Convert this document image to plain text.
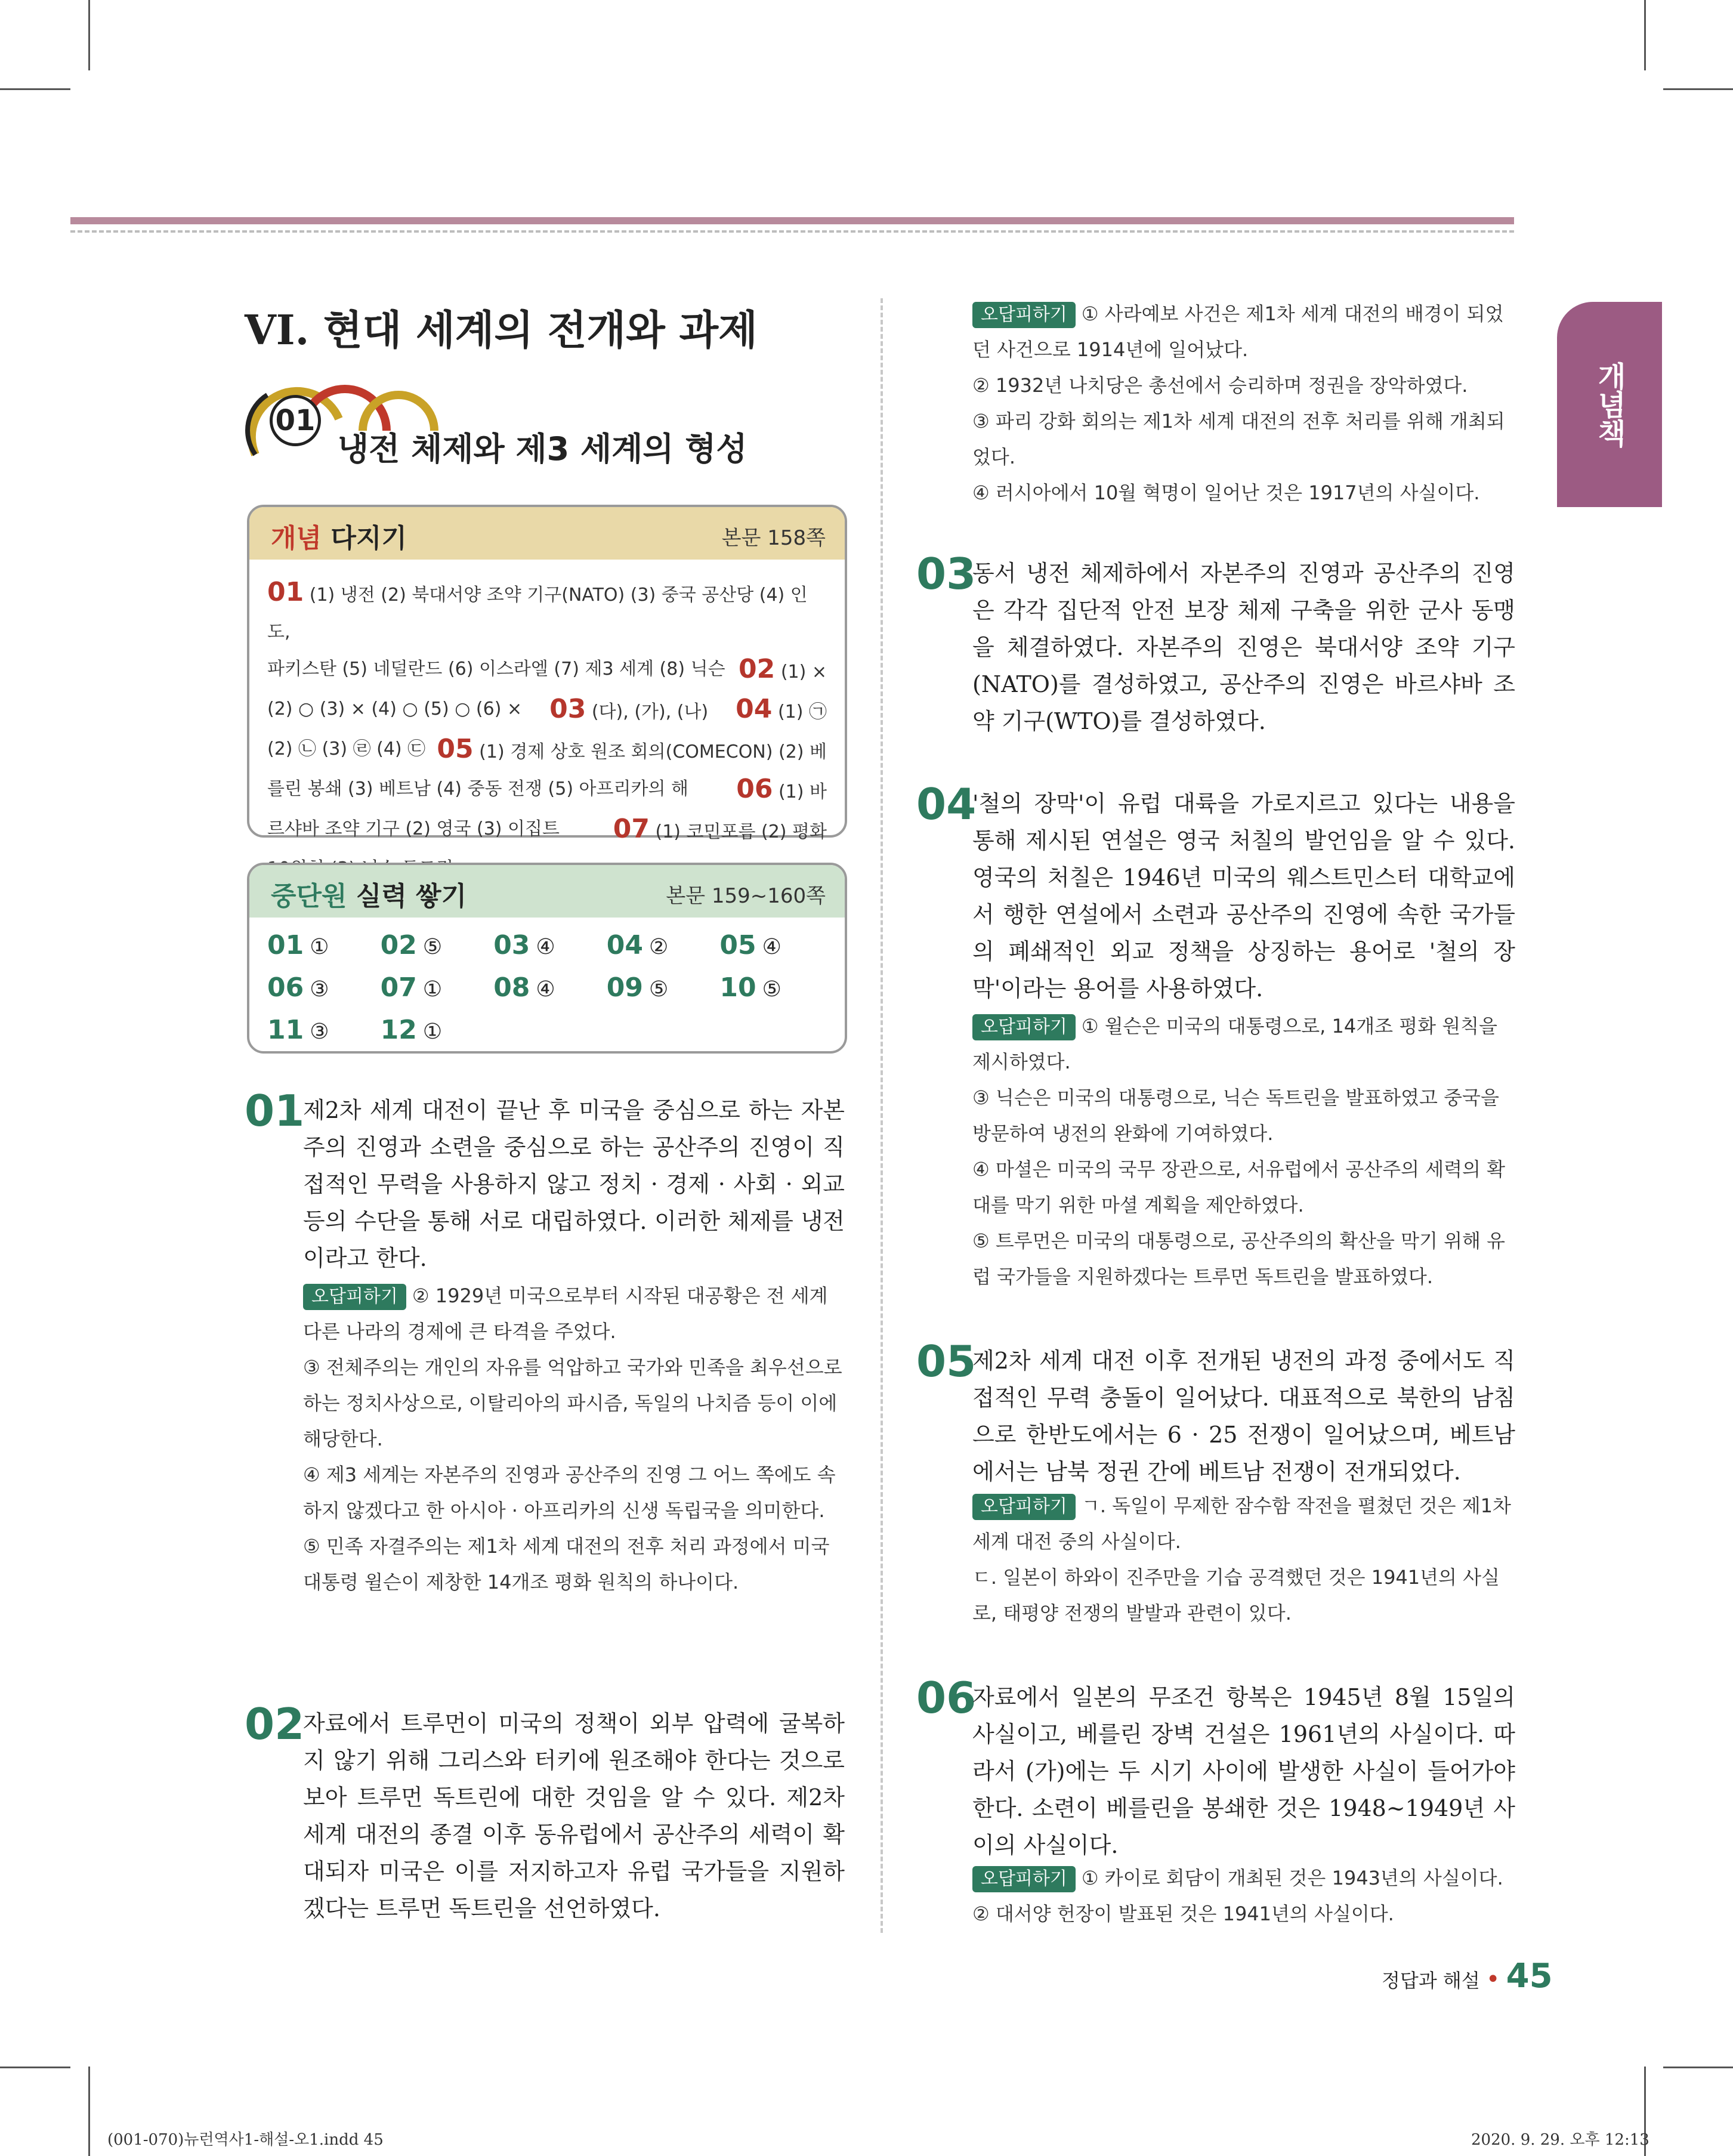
개념책
VI. 현대 세계의 전개와 과제
01
냉전 체제와 제3 세계의 형성
개념 다지기	본문 158쪽
01 (1) 냉전 (2) 북대서양 조약 기구(NATO) (3) 중국 공산당 (4) 인도,
파키스탄 (5) 네덜란드 (6) 이스라엘 (7) 제3 세계 (8) 닉슨 02 (1) ×
(2) ○ (3) × (4) ○ (5) ○ (6) × 03 (다), (가), (나) 04 (1) ㉠
(2) ㉡ (3) ㉣ (4) ㉢ 05 (1) 경제 상호 원조 회의(COMECON) (2) 베
를린 봉쇄 (3) 베트남 (4) 중동 전쟁 (5) 아프리카의 해 06 (1) 바
르샤바 조약 기구 (2) 영국 (3) 이집트 07 (1) 코민포름 (2) 평화
중단원 실력 쌓기	본문 159~160쪽
01 ①	02 ⑤	03 ④	04 ②	05 ④
06 ③	07 ①	08 ④	09 ⑤	10 ⑤
11 ③	12 ①
01
제2차 세계 대전이 끝난 후 미국을 중심으로 하는 자본주의 진영과 소련을 중심으로 하는 공산주의 진영이 직접적인 무력을 사용하지 않고 정치 · 경제 · 사회 · 외교 등의 수단을 통해 서로 대립하였다. 이러한 체제를 냉전이라고 한다.
오답피하기 ② 1929년 미국으로부터 시작된 대공황은 전 세계 다른 나라의 경제에 큰 타격을 주었다.
③ 전체주의는 개인의 자유를 억압하고 국가와 민족을 최우선으로 하는 정치사상으로, 이탈리아의 파시즘, 독일의 나치즘 등이 이에 해당한다.
④ 제3 세계는 자본주의 진영과 공산주의 진영 그 어느 쪽에도 속하지 않겠다고 한 아시아 · 아프리카의 신생 독립국을 의미한다.
⑤ 민족 자결주의는 제1차 세계 대전의 전후 처리 과정에서 미국 대통령 윌슨이 제창한 14개조 평화 원칙의 하나이다.
02
자료에서 트루먼이 미국의 정책이 외부 압력에 굴복하지 않기 위해 그리스와 터키에 원조해야 한다는 것으로 보아 트루먼 독트린에 대한 것임을 알 수 있다. 제2차 세계 대전의 종결 이후 동유럽에서 공산주의 세력이 확대되자 미국은 이를 저지하고자 유럽 국가들을 지원하겠다는 트루먼 독트린을 선언하였다.
오답피하기 ① 사라예보 사건은 제1차 세계 대전의 배경이 되었던 사건으로 1914년에 일어났다.
② 1932년 나치당은 총선에서 승리하며 정권을 장악하였다.
③ 파리 강화 회의는 제1차 세계 대전의 전후 처리를 위해 개최되었다.
④ 러시아에서 10월 혁명이 일어난 것은 1917년의 사실이다.
03
동서 냉전 체제하에서 자본주의 진영과 공산주의 진영은 각각 집단적 안전 보장 체제 구축을 위한 군사 동맹을 체결하였다. 자본주의 진영은 북대서양 조약 기구(NATO)를 결성하였고, 공산주의 진영은 바르샤바 조약 기구(WTO)를 결성하였다.
04
'철의 장막'이 유럽 대륙을 가로지르고 있다는 내용을 통해 제시된 연설은 영국 처칠의 발언임을 알 수 있다. 영국의 처칠은 1946년 미국의 웨스트민스터 대학교에서 행한 연설에서 소련과 공산주의 진영에 속한 국가들의 폐쇄적인 외교 정책을 상징하는 용어로 '철의 장막'이라는 용어를 사용하였다.
오답피하기 ① 윌슨은 미국의 대통령으로, 14개조 평화 원칙을 제시하였다.
③ 닉슨은 미국의 대통령으로, 닉슨 독트린을 발표하였고 중국을 방문하여 냉전의 완화에 기여하였다.
④ 마셜은 미국의 국무 장관으로, 서유럽에서 공산주의 세력의 확대를 막기 위한 마셜 계획을 제안하였다.
⑤ 트루먼은 미국의 대통령으로, 공산주의의 확산을 막기 위해 유럽 국가들을 지원하겠다는 트루먼 독트린을 발표하였다.
05
제2차 세계 대전 이후 전개된 냉전의 과정 중에서도 직접적인 무력 충돌이 일어났다. 대표적으로 북한의 남침으로 한반도에서는 6 · 25 전쟁이 일어났으며, 베트남에서는 남북 정권 간에 베트남 전쟁이 전개되었다.
오답피하기 ㄱ. 독일이 무제한 잠수함 작전을 펼쳤던 것은 제1차 세계 대전 중의 사실이다.
ㄷ. 일본이 하와이 진주만을 기습 공격했던 것은 1941년의 사실로, 태평양 전쟁의 발발과 관련이 있다.
06
자료에서 일본의 무조건 항복은 1945년 8월 15일의 사실이고, 베를린 장벽 건설은 1961년의 사실이다. 따라서 (가)에는 두 시기 사이에 발생한 사실이 들어가야 한다. 소련이 베를린을 봉쇄한 것은 1948~1949년 사이의 사실이다.
오답피하기 ① 카이로 회담이 개최된 것은 1943년의 사실이다.
② 대서양 헌장이 발표된 것은 1941년의 사실이다.
정답과 해설 • 45
(001-070)뉴런역사1-해설-오1.indd 45	2020. 9. 29. 오후 12:13
